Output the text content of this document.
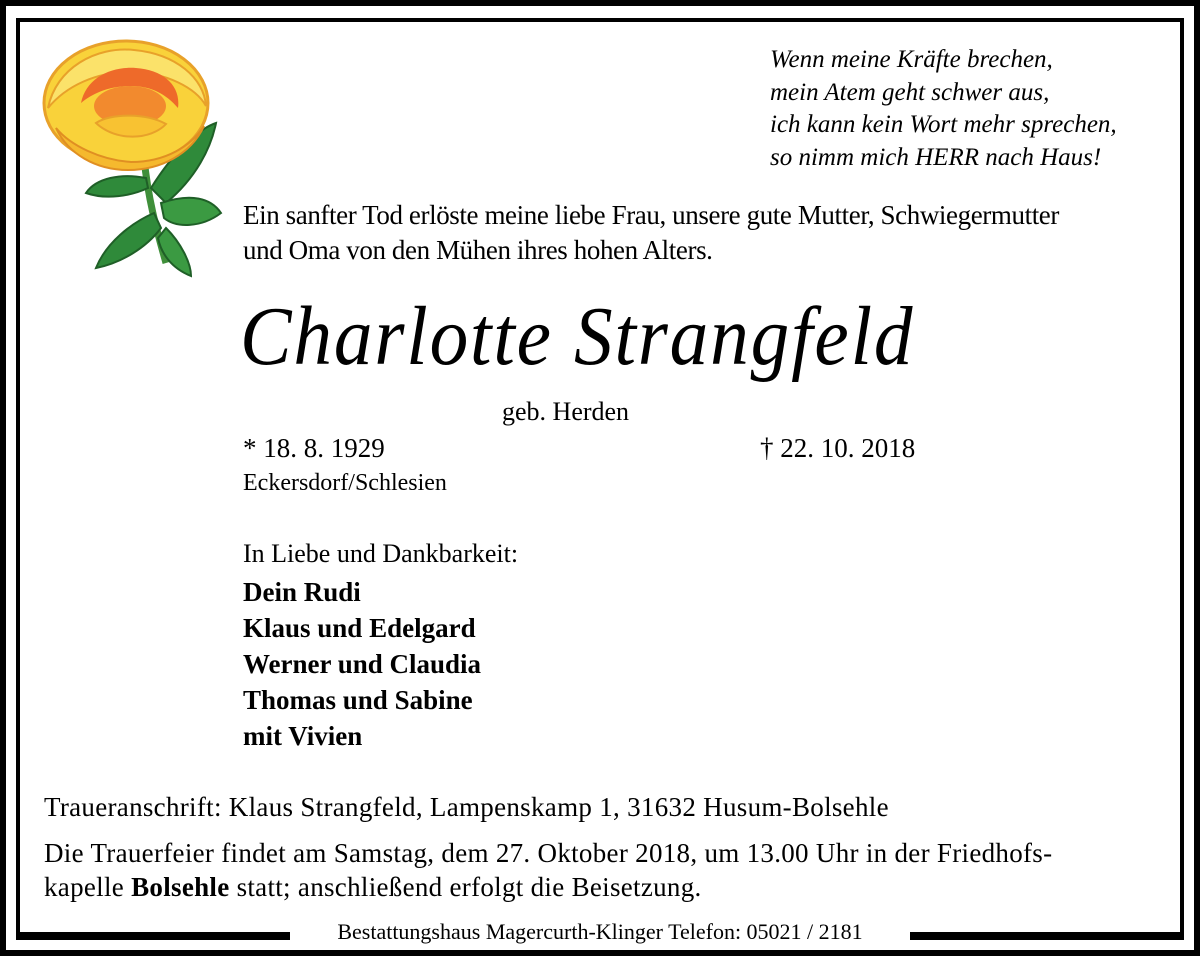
Wenn meine Kräfte brechen,
mein Atem geht schwer aus,
ich kann kein Wort mehr sprechen,
so nimm mich HERR nach Haus!
Ein sanfter Tod erlöste meine liebe Frau, unsere gute Mutter, Schwiegermutter
und Oma von den Mühen ihres hohen Alters.
Charlotte Strangfeld
geb. Herden
* 18. 8. 1929	† 22. 10. 2018
Eckersdorf/Schlesien
In Liebe und Dankbarkeit:
Dein Rudi
Klaus und Edelgard
Werner und Claudia
Thomas und Sabine
mit Vivien
Traueranschrift: Klaus Strangfeld, Lampenskamp 1, 31632 Husum-Bolsehle
Die Trauerfeier findet am Samstag, dem 27. Oktober 2018, um 13.00 Uhr in der Friedhofs-
kapelle Bolsehle statt; anschließend erfolgt die Beisetzung.
Bestattungshaus Magercurth-Klinger Telefon: 05021 / 2181
